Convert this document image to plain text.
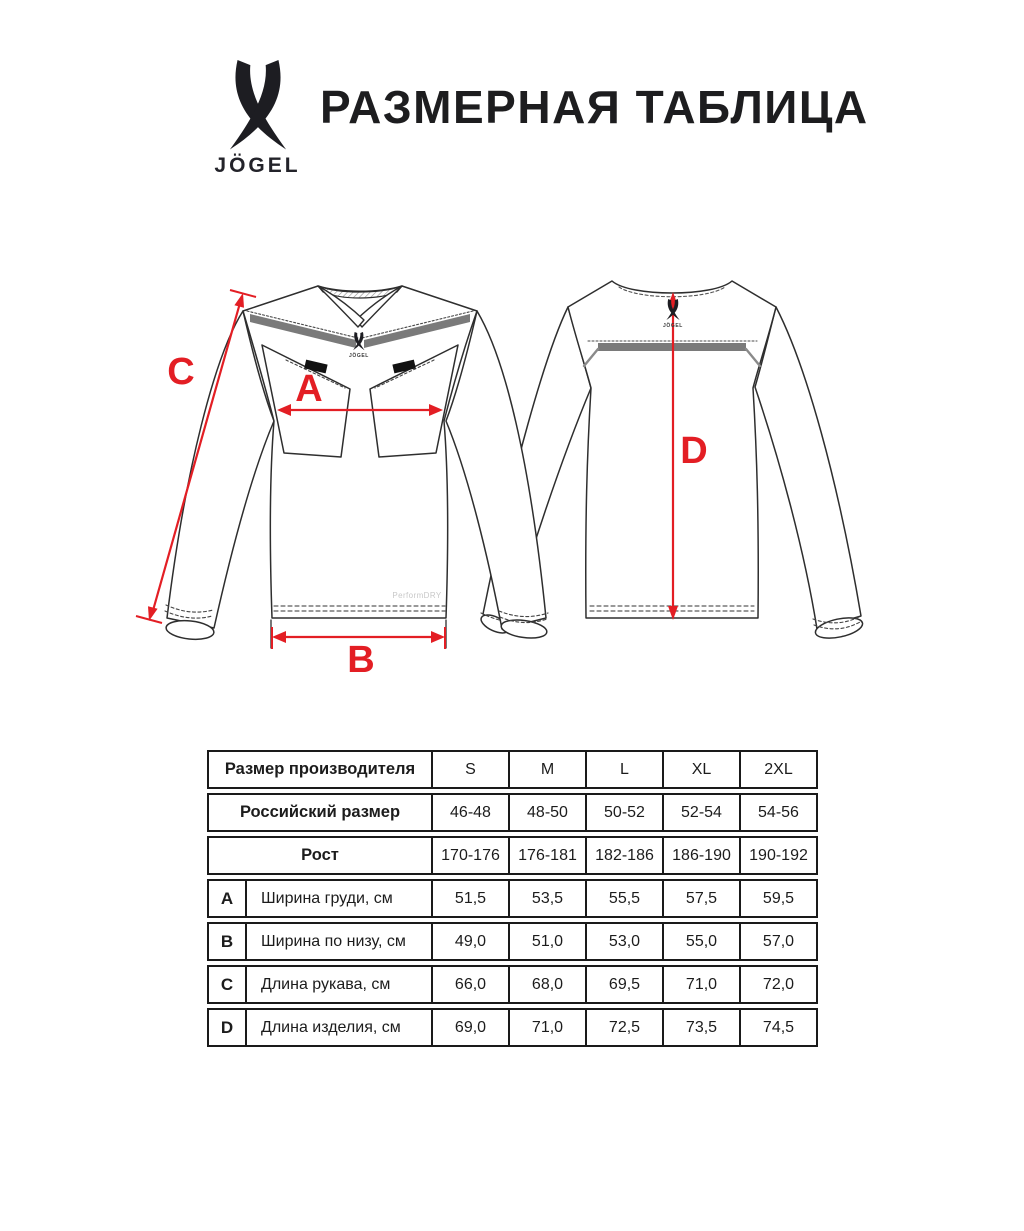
JÖGEL
РАЗМЕРНАЯ ТАБЛИЦА
D
JÖGEL
PerformDRY
JÖGEL
A
B
C
Размер производителя		S	M	L	XL	2XL
Российский размер		46-48	48-50	50-52	52-54	54-56
Рост		170-176	176-181	182-186	186-190	190-192
A	Ширина груди, см	51,5	53,5	55,5	57,5	59,5
B	Ширина по низу, см	49,0	51,0	53,0	55,0	57,0
C	Длина рукава, см	66,0	68,0	69,5	71,0	72,0
D	Длина изделия, см	69,0	71,0	72,5	73,5	74,5
